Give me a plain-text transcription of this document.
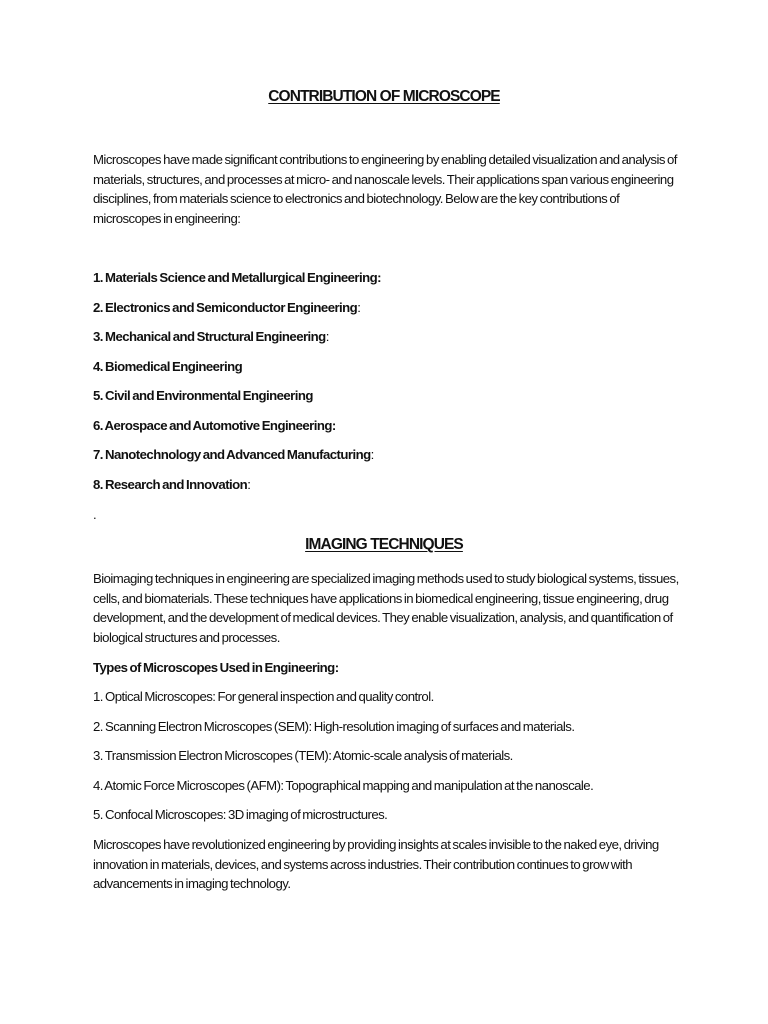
CONTRIBUTION OF MICROSCOPE

Microscopes have made significant contributions to engineering by enabling detailed visualization and analysis of materials, structures, and processes at micro- and nanoscale levels. Their applications span various engineering disciplines, from materials science to electronics and biotechnology. Below are the key contributions of microscopes in engineering:

1. Materials Science and Metallurgical Engineering:
2. Electronics and Semiconductor Engineering:
3. Mechanical and Structural Engineering:
4. Biomedical Engineering
5. Civil and Environmental Engineering
6. Aerospace and Automotive Engineering:
7. Nanotechnology and Advanced Manufacturing:
8. Research and Innovation:
.
IMAGING TECHNIQUES

Bioimaging techniques in engineering are specialized imaging methods used to study biological systems, tissues, cells, and biomaterials. These techniques have applications in biomedical engineering, tissue engineering, drug development, and the development of medical devices. They enable visualization, analysis, and quantification of biological structures and processes.

Types of Microscopes Used in Engineering:
1. Optical Microscopes: For general inspection and quality control.
2. Scanning Electron Microscopes (SEM): High-resolution imaging of surfaces and materials.
3. Transmission Electron Microscopes (TEM): Atomic-scale analysis of materials.
4. Atomic Force Microscopes (AFM): Topographical mapping and manipulation at the nanoscale.
5. Confocal Microscopes: 3D imaging of microstructures.

Microscopes have revolutionized engineering by providing insights at scales invisible to the naked eye, driving innovation in materials, devices, and systems across industries. Their contribution continues to grow with advancements in imaging technology.
